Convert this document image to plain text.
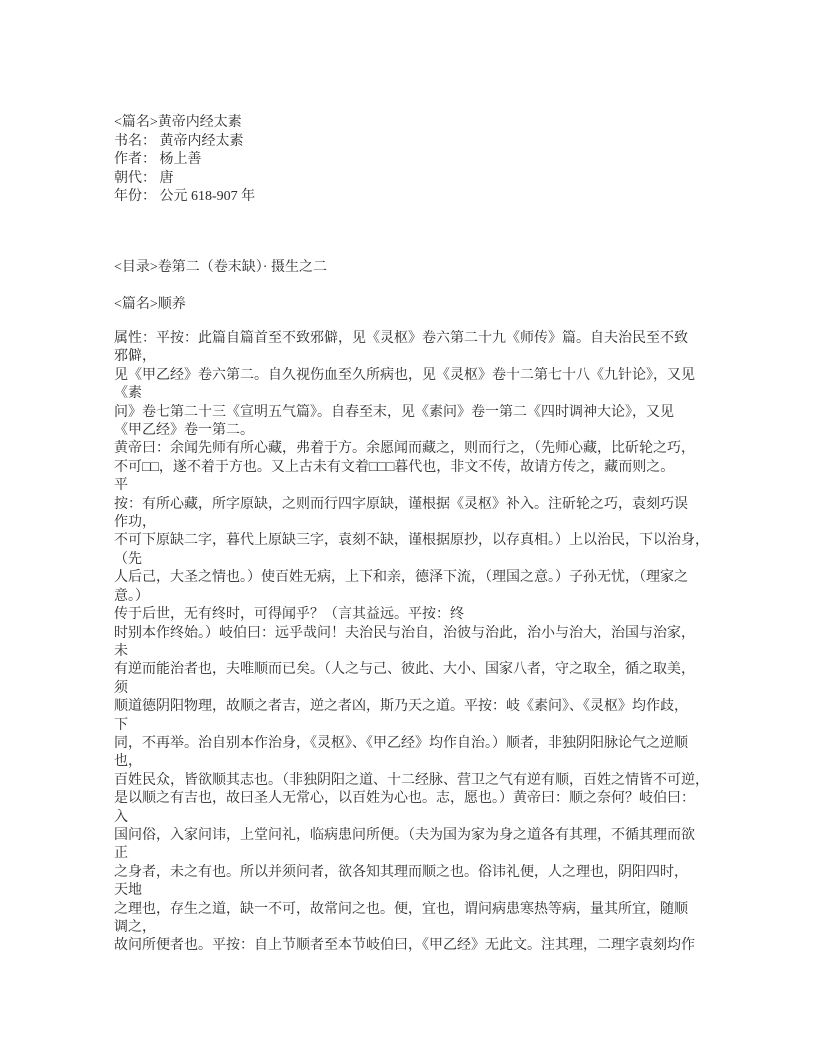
<篇名>黄帝内经太素
书名： 黄帝内经太素
作者： 杨上善
朝代： 唐
年份： 公元 618-907 年
<目录>卷第二（卷末缺）· 摄生之二
<篇名>顺养
属性：平按：此篇自篇首至不致邪僻，见《灵枢》卷六第二十九《师传》篇。自夫治民至不致
邪僻，
见《甲乙经》卷六第二。自久视伤血至久所病也，见《灵枢》卷十二第七十八《九针论》，又见
《素
问》卷七第二十三《宣明五气篇》。自春至末，见《素问》卷一第二《四时调神大论》，又见
《甲乙经》卷一第二。
黄帝曰：余闻先师有所心藏，弗着于方。余愿闻而藏之，则而行之，（先师心藏，比斫轮之巧，
不可□□，遂不着于方也。又上古未有文着□□□暮代也，非文不传，故请方传之，藏而则之。
平
按：有所心藏，所字原缺，之则而行四字原缺，谨根据《灵枢》补入。注斫轮之巧，袁刻巧误
作功，
不可下原缺二字，暮代上原缺三字，袁刻不缺，谨根据原抄，以存真相。）上以治民，下以治身，
（先
人后己，大圣之情也。）使百姓无病，上下和亲，德泽下流，（理国之意。）子孙无忧，（理家之
意。）
传于后世，无有终时，可得闻乎？（言其益远。平按：终
时别本作终始。）岐伯曰：远乎哉问！夫治民与治自，治彼与治此，治小与治大，治国与治家，
未
有逆而能治者也，夫唯顺而已矣。（人之与己、彼此、大小、国家八者，守之取全，循之取美，
须
顺道德阴阳物理，故顺之者吉，逆之者凶，斯乃天之道。平按：岐《素问》、《灵枢》均作歧，
下
同，不再举。治自别本作治身，《灵枢》、《甲乙经》均作自治。）顺者，非独阴阳脉论气之逆顺
也，
百姓民众，皆欲顺其志也。（非独阴阳之道、十二经脉、营卫之气有逆有顺，百姓之情皆不可逆，
是以顺之有吉也，故曰圣人无常心，以百姓为心也。志，愿也。）黄帝曰：顺之奈何？岐伯曰：
入
国问俗，入家问讳，上堂问礼，临病患问所便。（夫为国为家为身之道各有其理，不循其理而欲
正
之身者，未之有也。所以并须问者，欲各知其理而顺之也。俗讳礼便，人之理也，阴阳四时，
天地
之理也，存生之道，缺一不可，故常问之也。便，宜也，谓问病患寒热等病，量其所宜，随顺
调之，
故问所便者也。平按：自上节顺者至本节岐伯曰，《甲乙经》无此文。注其理，二理字袁刻均作
